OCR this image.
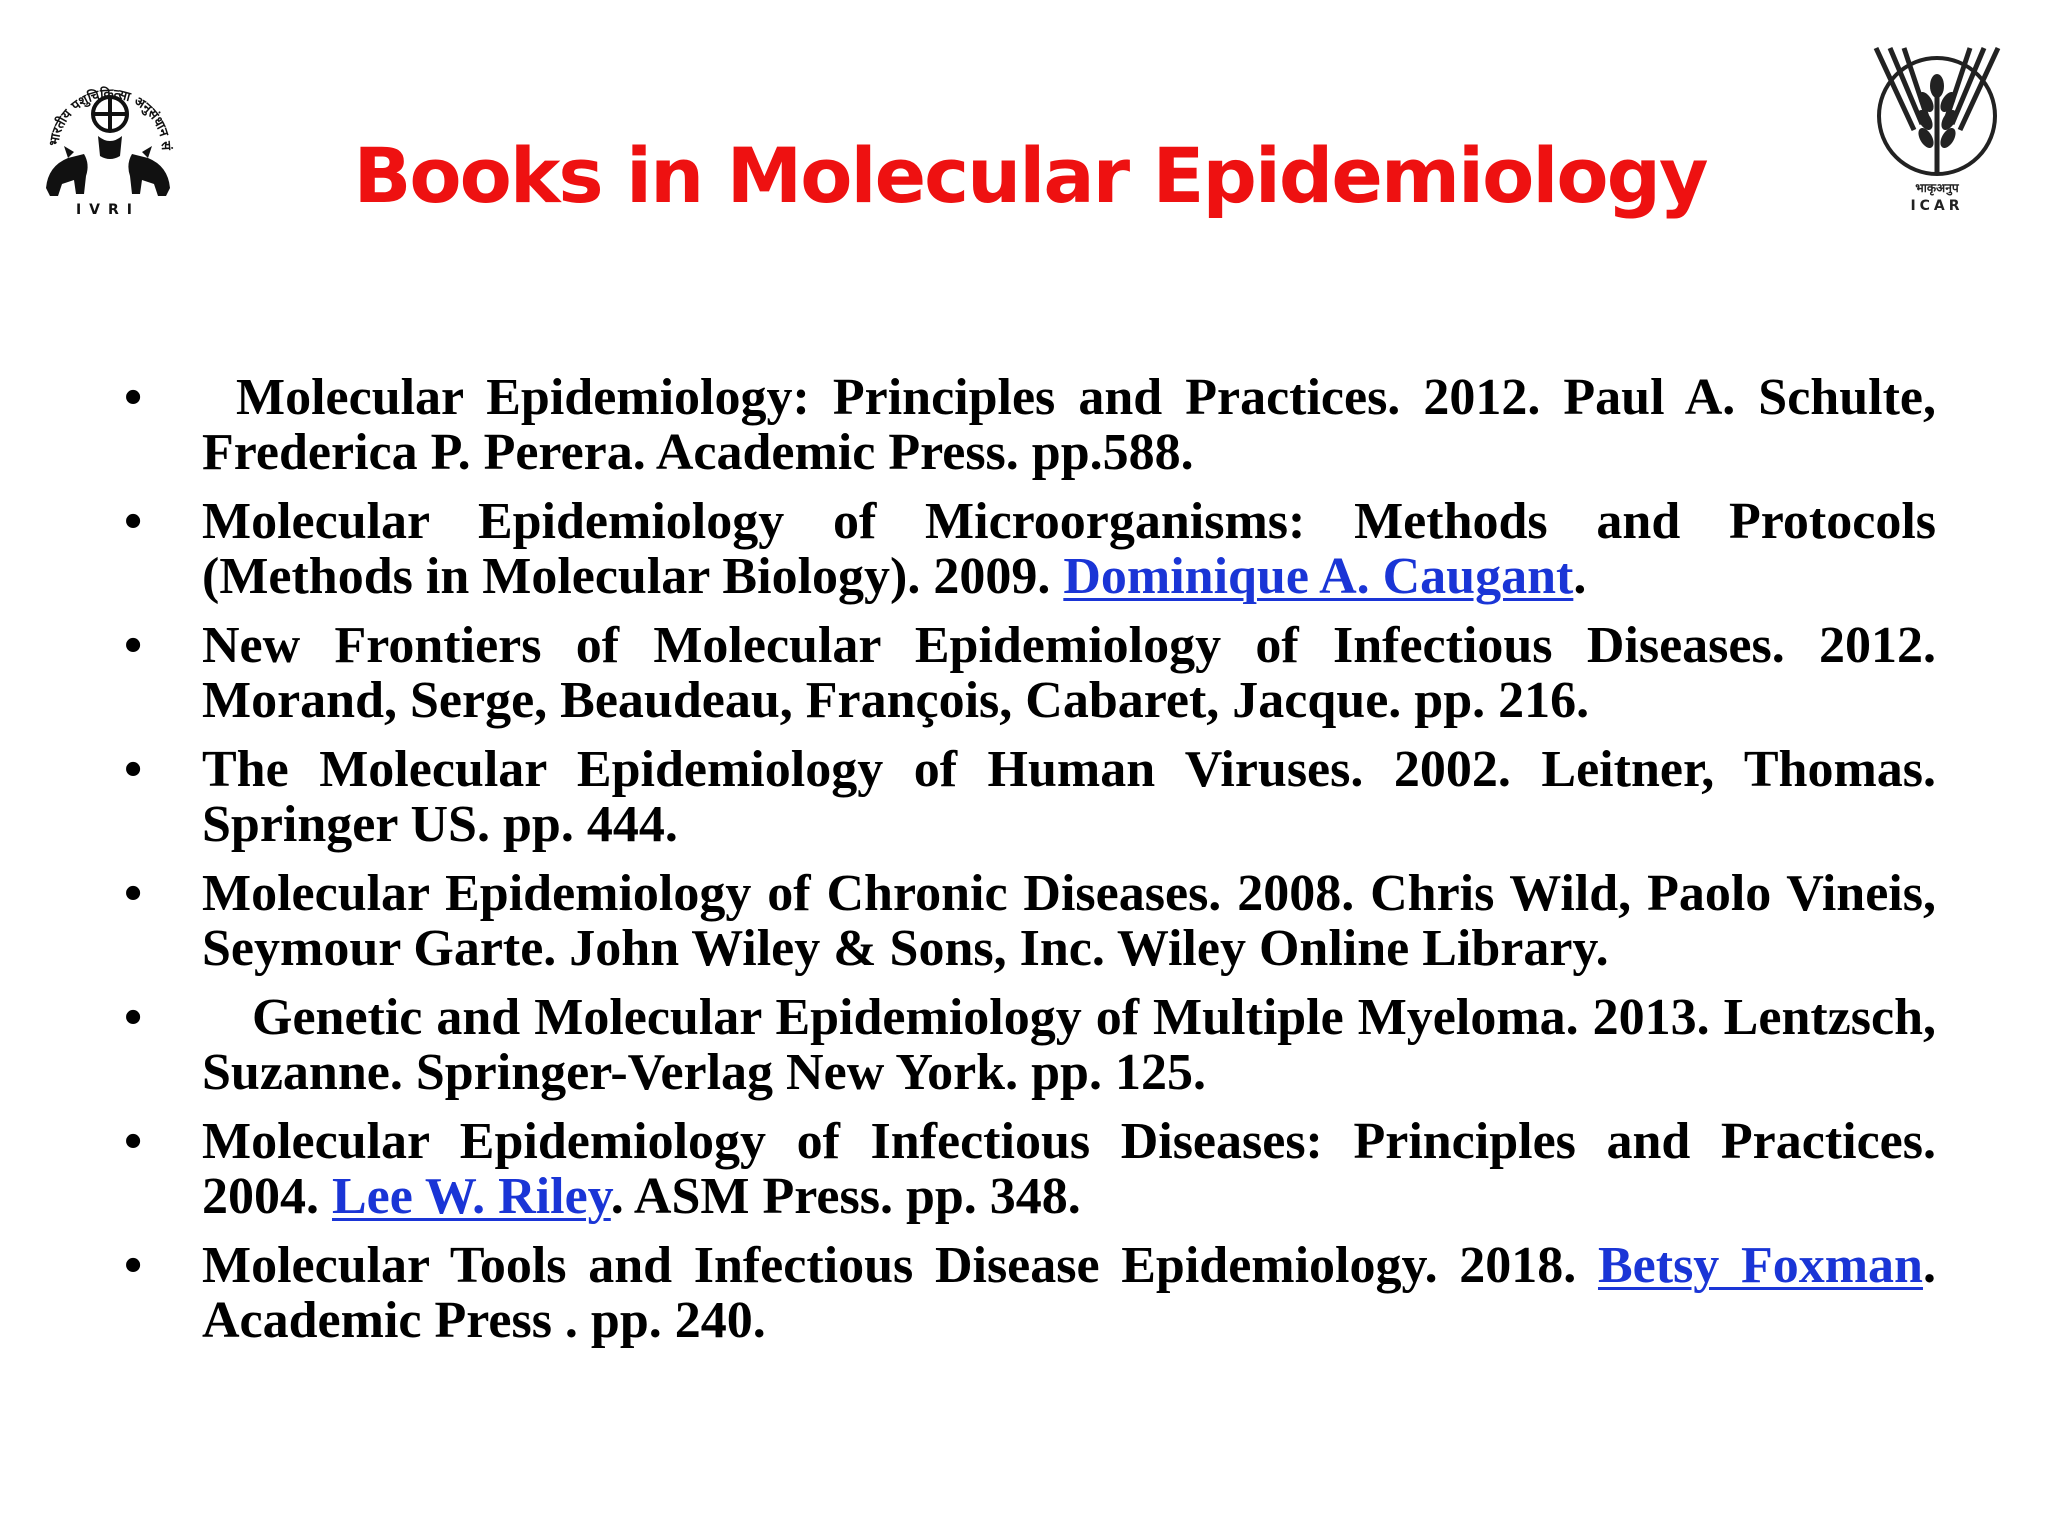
भारतीय पशुचिकित्सा अनुसंधान सं
IVRI
भाकृअनुप
ICAR
Books in Molecular Epidemiology
•	Molecular Epidemiology: Principles and Practices. 2012. Paul A. Schulte, Frederica P. Perera. Academic Press. pp.588.
•	Molecular Epidemiology of Microorganisms: Methods and Protocols (Methods in Molecular Biology). 2009. Dominique A. Caugant.
•	New Frontiers of Molecular Epidemiology of Infectious Diseases. 2012. Morand, Serge, Beaudeau, François, Cabaret, Jacque. pp. 216.
•	The Molecular Epidemiology of Human Viruses. 2002. Leitner, Thomas. Springer US. pp. 444.
•	Molecular Epidemiology of Chronic Diseases. 2008. Chris Wild, Paolo Vineis, Seymour Garte. John Wiley & Sons, Inc. Wiley Online Library.
•	Genetic and Molecular Epidemiology of Multiple Myeloma. 2013. Lentzsch, Suzanne. Springer-Verlag New York. pp. 125.
•	Molecular Epidemiology of Infectious Diseases: Principles and Practices. 2004. Lee W. Riley. ASM Press. pp. 348.
•	Molecular Tools and Infectious Disease Epidemiology. 2018. Betsy Foxman. Academic Press . pp. 240.
